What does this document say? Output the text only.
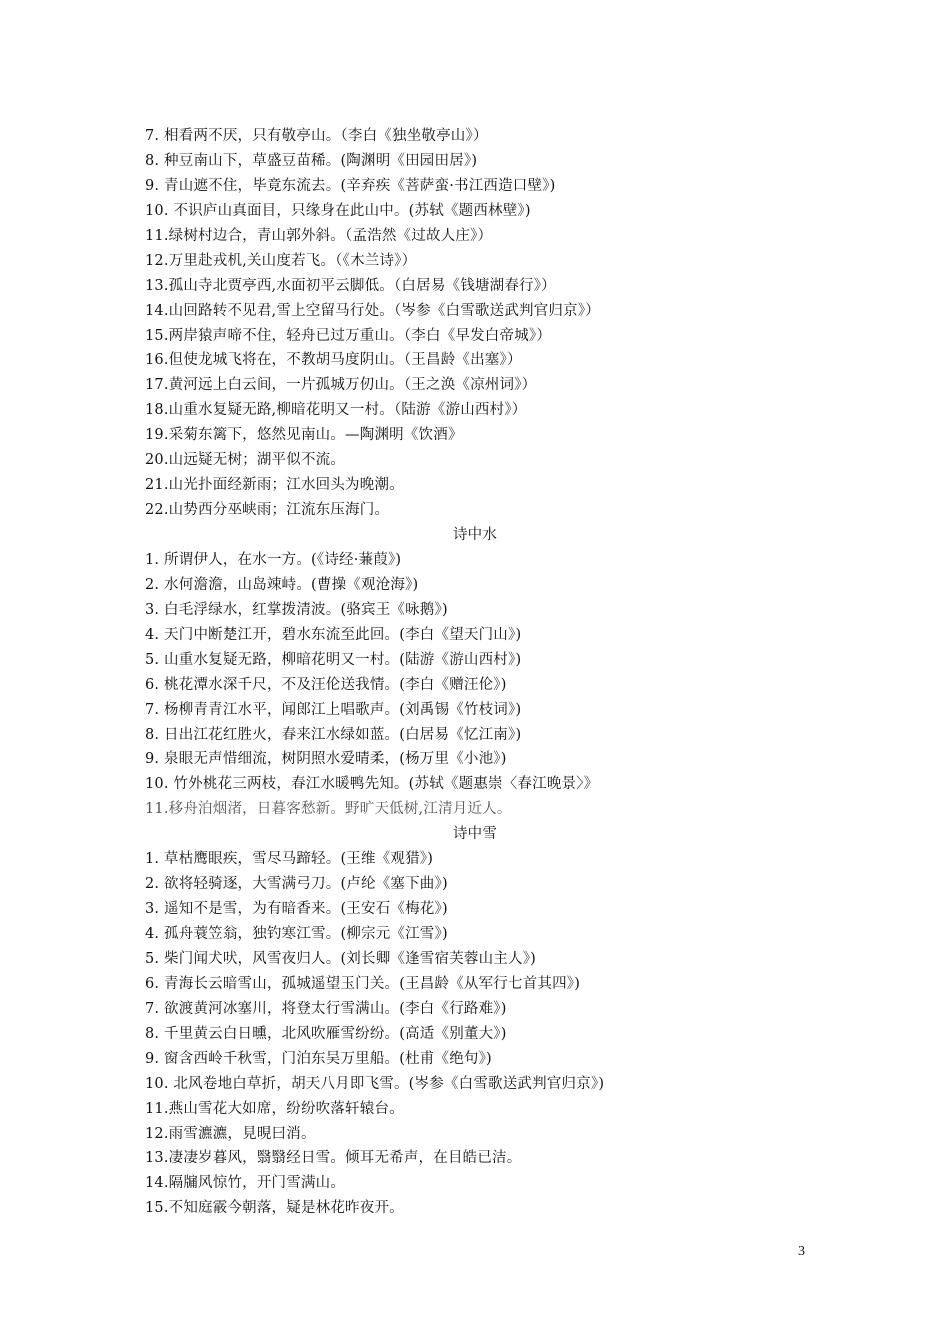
7. 相看两不厌，只有敬亭山。（李白《独坐敬亭山》）
8. 种豆南山下，草盛豆苗稀。(陶渊明《田园田居》)
9. 青山遮不住，毕竟东流去。(辛弃疾《菩萨蛮·书江西造口壁》)
10. 不识庐山真面目，只缘身在此山中。(苏轼《题西林壁》)
11.绿树村边合，青山郭外斜。（孟浩然《过故人庄》）
12.万里赴戎机,关山度若飞。（《木兰诗》）
13.孤山寺北贾亭西,水面初平云脚低。（白居易《钱塘湖春行》）
14.山回路转不见君,雪上空留马行处。（岑参《白雪歌送武判官归京》）
15.两岸猿声啼不住，轻舟已过万重山。（李白《早发白帝城》）
16.但使龙城飞将在，不教胡马度阴山。（王昌龄《出塞》）
17.黄河远上白云间，一片孤城万仞山。（王之涣《凉州词》）
18.山重水复疑无路,柳暗花明又一村。（陆游《游山西村》）
19.采菊东篱下，悠然见南山。—陶渊明《饮酒》
20.山远疑无树；湖平似不流。
21.山光扑面经新雨；江水回头为晚潮。
22.山势西分巫峡雨；江流东压海门。
诗中水
1. 所谓伊人，在水一方。(《诗经·蒹葭》)
2. 水何澹澹，山岛竦峙。(曹操《观沧海》)
3. 白毛浮绿水，红掌拨清波。(骆宾王《咏鹅》)
4. 天门中断楚江开，碧水东流至此回。(李白《望天门山》)
5. 山重水复疑无路，柳暗花明又一村。(陆游《游山西村》)
6. 桃花潭水深千尺，不及汪伦送我情。(李白《赠汪伦》)
7. 杨柳青青江水平，闻郎江上唱歌声。(刘禹锡《竹枝词》)
8. 日出江花红胜火，春来江水绿如蓝。(白居易《忆江南》)
9. 泉眼无声惜细流，树阴照水爱晴柔，(杨万里《小池》)
10. 竹外桃花三两枝，春江水暖鸭先知。(苏轼《题惠崇〈春江晚景〉》
11.移舟泊烟渚，日暮客愁新。野旷天低树,江清月近人。
诗中雪
1. 草枯鹰眼疾，雪尽马蹄轻。(王维《观猎》)
2. 欲将轻骑逐，大雪满弓刀。(卢纶《塞下曲》)
3. 遥知不是雪，为有暗香来。(王安石《梅花》)
4. 孤舟蓑笠翁，独钓寒江雪。(柳宗元《江雪》)
5. 柴门闻犬吠，风雪夜归人。(刘长卿《逢雪宿芙蓉山主人》)
6. 青海长云暗雪山，孤城遥望玉门关。(王昌龄《从军行七首其四》)
7. 欲渡黄河冰塞川，将登太行雪满山。(李白《行路难》)
8. 千里黄云白日曛，北风吹雁雪纷纷。(高适《别董大》)
9. 窗含西岭千秋雪，门泊东吴万里船。(杜甫《绝句》)
10. 北风卷地白草折，胡天八月即飞雪。(岑参《白雪歌送武判官归京》)
11.燕山雪花大如席，纷纷吹落轩辕台。
12.雨雪瀌瀌，見晛曰消。
13.凄凄岁暮风，翳翳经日雪。倾耳无希声，在目皓已洁。
14.隔牖风惊竹，开门雪满山。
15.不知庭霰今朝落，疑是林花昨夜开。
3
